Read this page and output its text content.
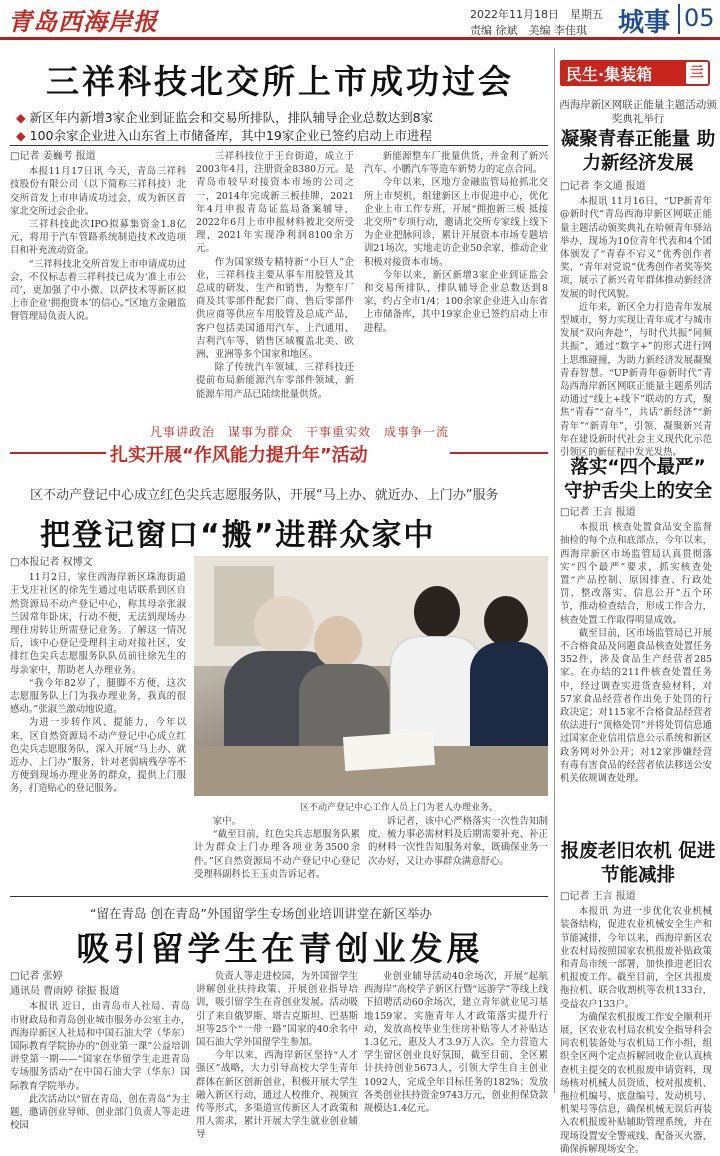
青岛西海岸报	2022年11月18日　星期五
责编 徐斌　美编 李佳琪 城事 05
三祥科技北交所上市成功过会
◆ 新区年内新增3家企业到证监会和交易所排队，排队辅导企业总数达到8家
◆ 100余家企业进入山东省上市储备库，其中19家企业已签约启动上市进程
□记者 姜巍考 报道

本报11月17日讯 今天，青岛三祥科技股份有限公司（以下简称三祥科技）北交所首发上市申请成功过会，成为新区首家北交所过会企业。

三祥科技此次IPO拟募集资金1.8亿元，将用于汽车管路系统制造技术改造项目和补充流动资金。

“三祥科技北交所首发上市申请成功过会，不仅标志着三祥科技已成为‘准上市公司’，更加强了中小微、以萨技术等新区拟上市企业‘拥抱资本’的信心。”区地方金融监督管理局负责人说。

三祥科技位于王台街道，成立于2003年4月，注册资金8380万元。是青岛市较早对接资本市场的公司之一，2014年完成新三板挂牌，2021年4月申报青岛证监局备案辅导，2022年6月上市申报材料被北交所受理，2021年实现净利润8100余万元。

作为国家级专精特新“小巨人”企业，三祥科技主要从事车用胶管及其总成的研发、生产和销售，为整车厂商及其零部件配套厂商、售后零部件供应商等供应车用胶管及总成产品，客户包括美国通用汽车、上汽通用、吉利汽车等，销售区域覆盖北美、欧洲、亚洲等多个国家和地区。

除了传统汽车领域，三祥科技还提前布局新能源汽车零部件领域，新能源车用产品已陆续批量供货。

新能源整车厂批量供货，并金利了新兴汽车、小鹏汽车等造车新势力的定点合同。

今年以来，区地方金融监管局抢抓北交所上市契机，组建新区上市促进中心，优化企业上市工作专班，开展“拥抱新三板 抵接北交所”专项行动，邀请北交所专家线上线下为企业把脉问诊，累计开展资本市场专题培训21场次，实地走访企业50余家，推动企业积极对接资本市场。

今年以来，新区新增3家企业到证监会和交易所排队，排队辅导企业总数达到8家，约占全市1/4；100余家企业进入山东省上市储备库，其中19家企业已签约启动上市进程。

凡事讲政治　谋事为群众　干事重实效　成事争一流
扎实开展“作风能力提升年”活动
区不动产登记中心成立红色尖兵志愿服务队，开展“马上办、就近办、上门办”服务
把登记窗口“搬”进群众家中
□本报记者 权博文

11月2日，家住西海岸新区珠海街道王戈庄社区的徐先生通过电话联系到区自然资源局不动产登记中心，称其母亲张淑兰因常年卧床，行动不便，无法到现场办理住房转让所需登记业务。了解这一情况后，该中心登记受理科主动对接社区，安排红色尖兵志愿服务队队员前往徐先生的母亲家中，帮助老人办理业务。

“我今年82岁了，腿脚不方便，这次志愿服务队上门为我办理业务，我真的很感动。”张淑兰激动地说道。

为进一步转作风、提能力，今年以来，区自然资源局不动产登记中心成立红色尖兵志愿服务队，深入开展“马上办、就近办、上门办”服务，针对老弱病残孕等不方便到现场办理业务的群众，提供上门服务，打造贴心的登记服务。

区不动产登记中心工作人员上门为老人办理业务。

家中。

“截至目前，红色尖兵志愿服务队累计为群众上门办理各项业务3500余件。”区自然资源局不动产登记中心登记受理科副科长王玉贞告诉记者。

诉记者，该中心严格落实一次性告知制度，梳力事必需材料及后期需要补充、补正的材料一次性告知服务对象，既确保业务一次办好，又让办事群众满意舒心。

“留在青岛 创在青岛”外国留学生专场创业培训讲堂在新区举办
吸引留学生在青创业发展
□记者 张婷
通讯员 曹雨婷 徐振 报道

本报讯 近日，由青岛市人社局、青岛市财政局和青岛创业城市服务办公室主办，西海岸新区人社局和中国石油大学（华东）国际教育学院协办的“创业第一课”公益培训讲堂第一期——“国家在华留学生走进青岛专场服务活动”在中国石油大学（华东）国际教育学院举办。

此次活动以“留在青岛，创在青岛”为主题，邀请创业导师、创业部门负责人等走进校园

负责人等走进校园，为外国留学生讲解创业扶持政策、开展创业指导培训，吸引留学生在青创业发展。活动吸引了来自俄罗斯、塔吉克斯坦、巴基斯坦等25个“一带一路”国家的40余名中国石油大学外国留学生参加。

今年以来，西海岸新区坚持“人才强区”战略，大力引导高校大学生青年群体在新区创新创业，积极开展大学生融入新区行动，通过人校推介、视频宣传等形式，多渠道宣传新区人才政策和用人需求，累计开展大学生就业创业辅导

业创业辅导活动40余场次，开展“起航西海岸”高校学子新区行暨“远游学”等线上线下招聘活动60余场次，建立青年就业见习基地159家。实施青年人才政策落实提升行动，发放高校毕业生住房补贴等人才补贴达1.3亿元，惠及人才3.9万人次。全力营造大学生留区创业良好氛围，截至目前，全区累计扶持创业5673人，引领大学生自主创业1092人，完成全年目标任务的182%；发放各类创业扶持资金9743万元，创业担保贷款规模达1.4亿元。

民生·集装箱	亖
西海岸新区网联正能量主题活动颁奖典礼举行
凝聚青春正能量 助力新经济发展
□记者 李文通 报道

本报讯 11月16日，“UP新青年@新时代”青岛西海岸新区网联正能量主题活动颁奖典礼在哈顿青年驿站举办，现场为10位青年代表和4个团体颁发了“青春不宕义”优秀创作者奖、“青年对党说”优秀创作者奖等奖项，展示了新兴青年群体推动新经济发展的时代风貌。

近年来，新区全力打造青年发展型城市，努力实现让青年成才与城市发展“双向奔赴”，与时代共振”同频共振”，通过“数字+”的形式进行网上思维碰撞，为助力新经济发展凝聚青春智慧。“UP新青年@新时代”青岛西海岸新区网联正能量主题系列活动通过“线上+线下”联动的方式，聚焦“青春”“奋斗”，共话“新经济”“新青年”“新青年”，引领、凝聚新兴青年在建设新时代社会主义现代化示范引领区的新征程中发光发热。

落实“四个最严” 守护舌尖上的安全
□记者 王言 报道

本报讯 核查处置食品安全监督抽检的每个点和底部点，今年以来，西海岸新区市场监管局认真贯彻落实“四个最严”要求，抓实核查处置“产品控制、原因排查、行政处罚、整改落实、信息公开”五个环节，推动检查结合，形成工作合力，核查处置工作取得明显成效。

截至目前，区市场监管局已开展不合格食品及问题食品核查处置任务352件，涉及食品生产经营者285家。在办结的211件核查处置任务中，经过调查实进货查验材料，对57家食品经营者作出免于处罚的行政决定；对115家不合格食品经营者依法进行“顶格处罚”并将处罚信息通过国家企业信用信息公示系统和新区政务网对外公开；对12家涉嫌经营有毒有害食品的经营者依法移送公安机关依规调查处理。

报废老旧农机 促进节能减排
□记者 王言 报道

本报讯 为进一步优化农业机械装备结构，促进农业机械安全生产和节能减排，今年以来，西海岸新区农业农村局按照国家农机报废补贴政策和青岛市统一部署，加快推进老旧农机报废工作。截至目前，全区共报废拖拉机、联合收割机等农机133台，受益农户133户。

为确保农机报废工作安全顺利开展，区农业农村局农机安全指导科会同农机装备处与农机局工作小组，组织全区两个定点拆解回收企业认真核查机主提交的农机报废申请资料，现场核对机械人员资质，校对报废机、拖拉机编号、底盘编号、发动机号、机架号等信息，确保机械无误后再装入农机报废补贴辅助管理系统，并在现场设置安全警戒线、配备灭火器，确保拆解现场安全。
